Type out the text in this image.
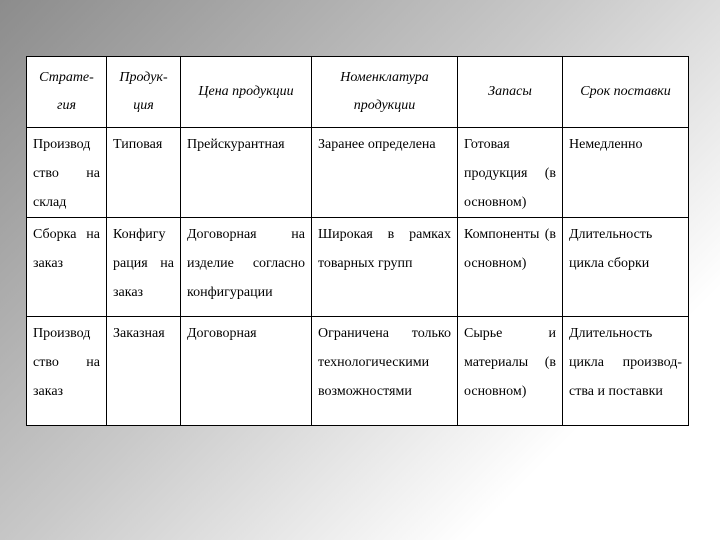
Страте-гия	Продук-ция	Цена продукции	Номенклатура продукции	Запасы	Срок поставки
Производ ство на склад	Типовая	Прейскурантная	Заранее определена	Готовая продукция (в основном)	Немедленно
Сборка на заказ	Конфигу рация на заказ	Договорная на изделие согласно конфигурации	Широкая в рамках товарных групп	Компоненты (в основном)	Длительность цикла сборки
Производ ство на заказ	Заказная	Договорная	Ограничена только технологическими возможностями	Сырье и материалы (в основном)	Длительность цикла производ-ства и поставки
